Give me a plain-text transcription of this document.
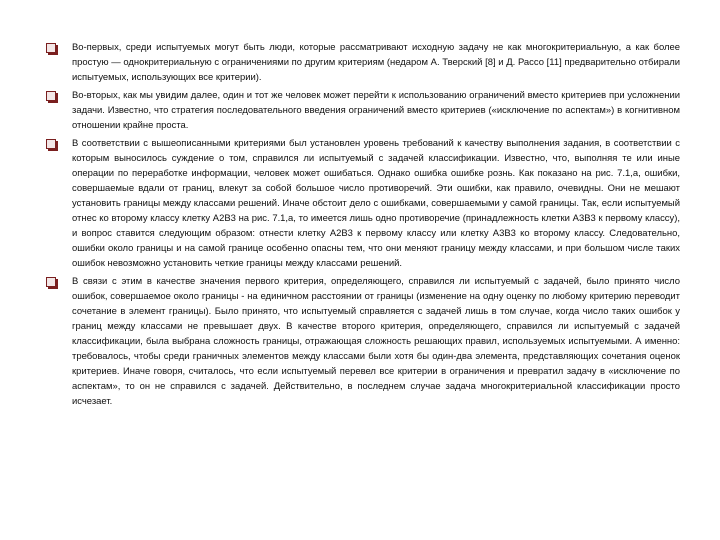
Во-первых, среди испытуемых могут быть люди, которые рассматривают исходную задачу не как многокритериальную, а как более простую — однокритериальную с ограничениями по другим критериям (недаром А. Тверский [8] и Д. Рассо [11] предварительно отбирали испытуемых, использующих все критерии).
Во-вторых, как мы увидим далее, один и тот же человек может перейти к использованию ограничений вместо критериев при усложнении задачи. Известно, что стратегия последовательного введения ограничений вместо критериев («исключение по аспектам») в когнитивном отношении крайне проста.
В соответствии с вышеописанными критериями был установлен уровень требований к качеству выполнения задания, в соответствии с которым выносилось суждение о том, справился ли испытуемый с задачей классификации. Известно, что, выполняя те или иные операции по переработке информации, человек может ошибаться. Однако ошибка ошибке рознь. Как показано на рис. 7.1,а, ошибки, совершаемые вдали от границ, влекут за собой большое число противоречий. Эти ошибки, как правило, очевидны. Они не мешают установить границы между классами решений. Иначе обстоит дело с ошибками, совершаемыми у самой границы. Так, если испытуемый отнес ко второму классу клетку А2В3 на рис. 7.1,а, то имеется лишь одно противоречие (принадлежность клетки А3В3 к первому классу), и вопрос ставится следующим образом: отнести клетку А2В3 к первому классу или клетку А3В3 ко второму классу. Следовательно, ошибки около границы и на самой границе особенно опасны тем, что они меняют границу между классами, и при большом числе таких ошибок невозможно установить четкие границы между классами решений.
В связи с этим в качестве значения первого критерия, определяющего, справился ли испытуемый с задачей, было принято число ошибок, совершаемое около границы - на единичном расстоянии от границы (изменение на одну оценку по любому критерию переводит сочетание в элемент границы). Было принято, что испытуемый справляется с задачей лишь в том случае, когда число таких ошибок у границ между классами не превышает двух. В качестве второго критерия, определяющего, справился ли испытуемый с задачей классификации, была выбрана сложность границы, отражающая сложность решающих правил, используемых испытуемыми. А именно: требовалось, чтобы среди граничных элементов между классами были хотя бы один-два элемента, представляющих сочетания оценок критериев. Иначе говоря, считалось, что если испытуемый перевел все критерии в ограничения и превратил задачу в «исключение по аспектам», то он не справился с задачей. Действительно, в последнем случае задача многокритериальной классификации просто исчезает.
